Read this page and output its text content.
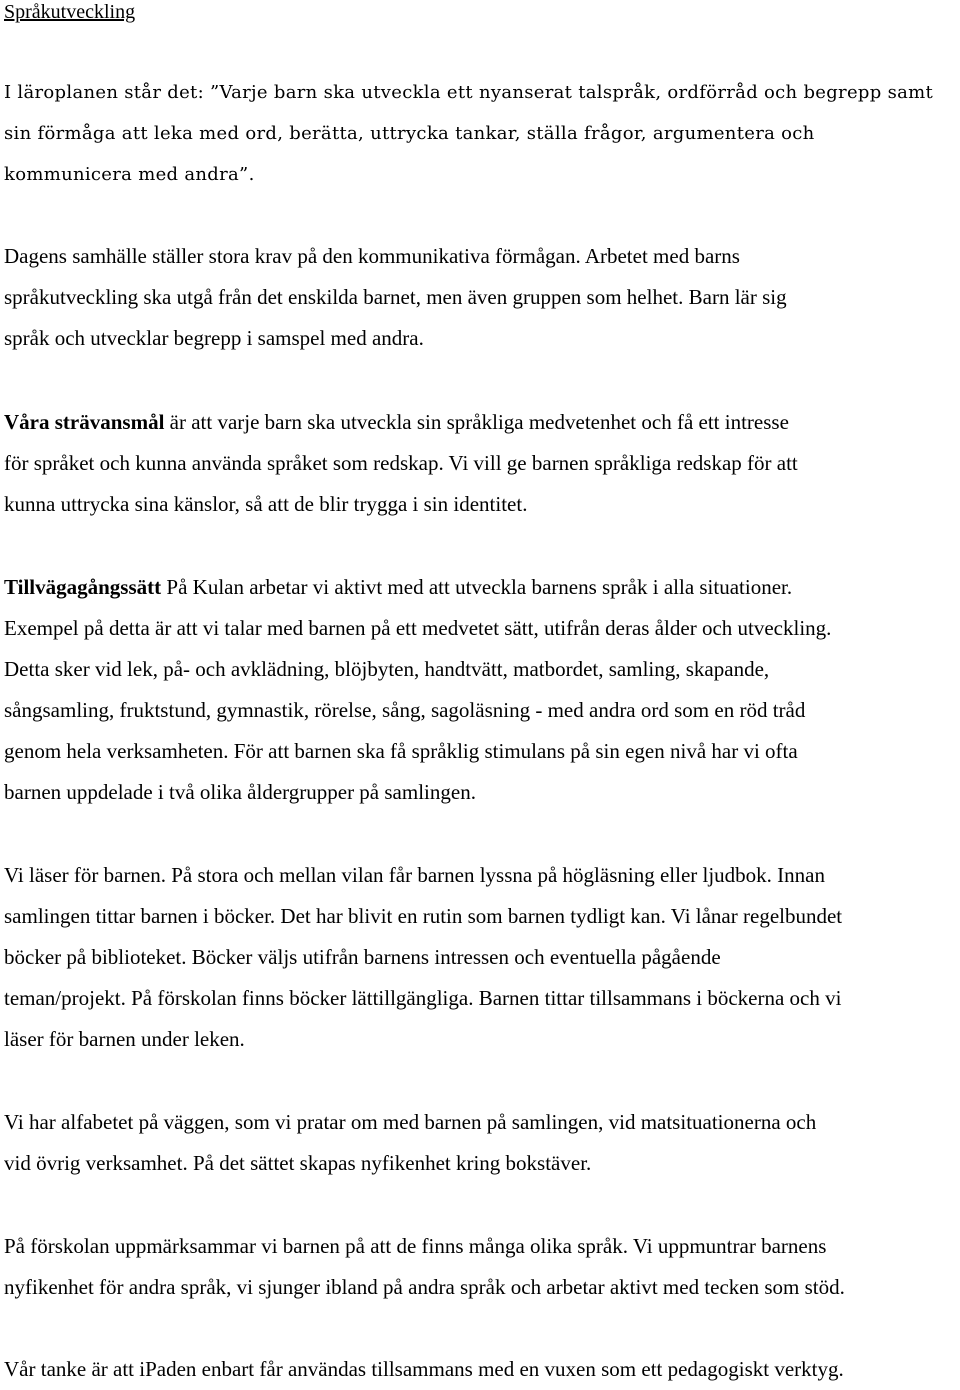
Språkutveckling

I läroplanen står det: ”Varje barn ska utveckla ett nyanserat talspråk, ordförråd och begrepp samt
sin förmåga att leka med ord, berätta, uttrycka tankar, ställa frågor, argumentera och
kommunicera med andra”.

Dagens samhälle ställer stora krav på den kommunikativa förmågan. Arbetet med barns
språkutveckling ska utgå från det enskilda barnet, men även gruppen som helhet. Barn lär sig
språk och utvecklar begrepp i samspel med andra.

Våra strävansmål är att varje barn ska utveckla sin språkliga medvetenhet och få ett intresse
för språket och kunna använda språket som redskap. Vi vill ge barnen språkliga redskap för att
kunna uttrycka sina känslor, så att de blir trygga i sin identitet.

Tillvägagångssätt På Kulan arbetar vi aktivt med att utveckla barnens språk i alla situationer.
Exempel på detta är att vi talar med barnen på ett medvetet sätt, utifrån deras ålder och utveckling.
Detta sker vid lek, på- och avklädning, blöjbyten, handtvätt, matbordet, samling, skapande,
sångsamling, fruktstund, gymnastik, rörelse, sång, sagoläsning - med andra ord som en röd tråd
genom hela verksamheten. För att barnen ska få språklig stimulans på sin egen nivå har vi ofta
barnen uppdelade i två olika åldergrupper på samlingen.

Vi läser för barnen. På stora och mellan vilan får barnen lyssna på högläsning eller ljudbok. Innan
samlingen tittar barnen i böcker. Det har blivit en rutin som barnen tydligt kan. Vi lånar regelbundet
böcker på biblioteket. Böcker väljs utifrån barnens intressen och eventuella pågående
teman/projekt. På förskolan finns böcker lättillgängliga. Barnen tittar tillsammans i böckerna och vi
läser för barnen under leken.

Vi har alfabetet på väggen, som vi pratar om med barnen på samlingen, vid matsituationerna och
vid övrig verksamhet. På det sättet skapas nyfikenhet kring bokstäver.

På förskolan uppmärksammar vi barnen på att de finns många olika språk. Vi uppmuntrar barnens
nyfikenhet för andra språk, vi sjunger ibland på andra språk och arbetar aktivt med tecken som stöd.

Vår tanke är att iPaden enbart får användas tillsammans med en vuxen som ett pedagogiskt verktyg.
